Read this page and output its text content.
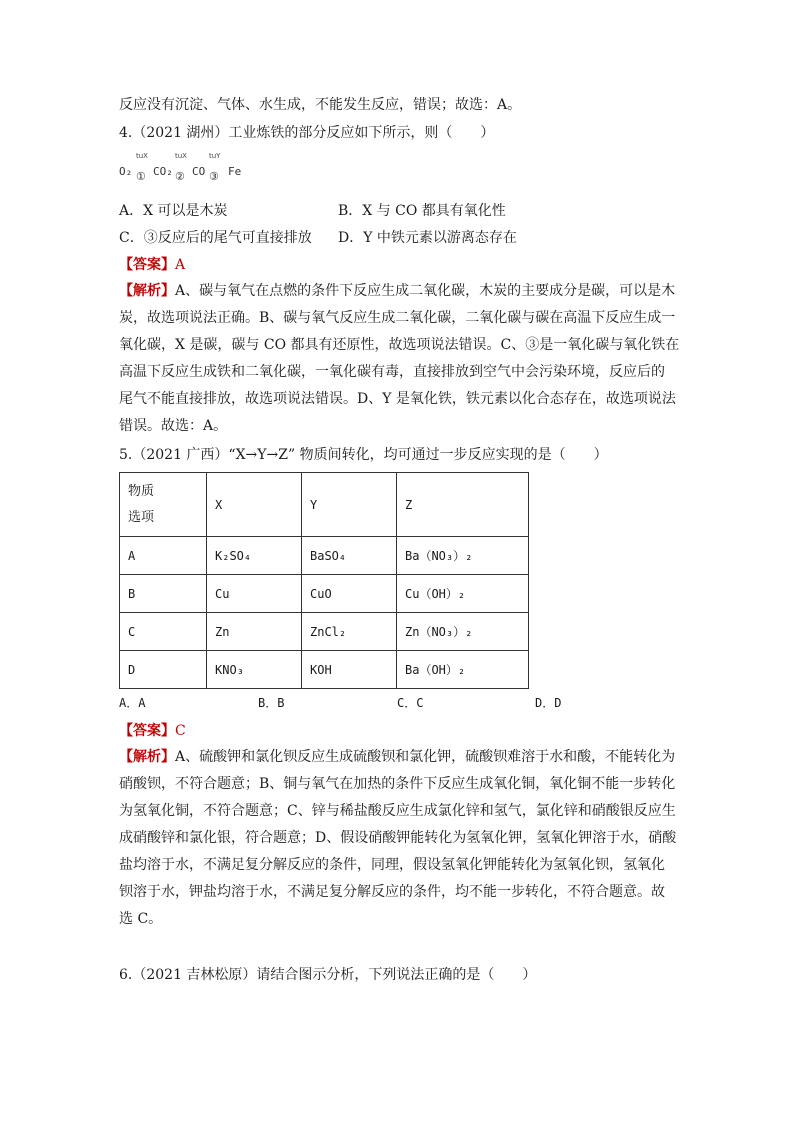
反应没有沉淀、气体、水生成，不能发生反应，错误；故选：A。
4.（2021 湖州）工业炼铁的部分反应如下所示，则（　　）
tuX	tuX	tuY
O₂ ① CO₂ ② CO ③ Fe
A．X 可以是木炭	B．X 与 CO 都具有氧化性
C．③反应后的尾气可直接排放 D．Y 中铁元素以游离态存在
【答案】A
【解析】A、碳与氧气在点燃的条件下反应生成二氧化碳，木炭的主要成分是碳，可以是木
炭，故选项说法正确。B、碳与氧气反应生成二氧化碳，二氧化碳与碳在高温下反应生成一
氧化碳，X 是碳，碳与 CO 都具有还原性，故选项说法错误。C、③是一氧化碳与氧化铁在
高温下反应生成铁和二氧化碳，一氧化碳有毒，直接排放到空气中会污染环境，反应后的
尾气不能直接排放，故选项说法错误。D、Y 是氧化铁，铁元素以化合态存在，故选项说法
错误。故选：A。
5.（2021 广西）“X→Y→Z” 物质间转化，均可通过一步反应实现的是（　　）
物质
选项	X	Y	Z
A	K₂SO₄	BaSO₄	Ba（NO₃）₂
B	Cu	CuO	Cu（OH）₂
C	Zn	ZnCl₂	Zn（NO₃）₂
D	KNO₃	KOH	Ba（OH）₂
A．A	B．B	C．C	D．D
【答案】C
【解析】A、硫酸钾和氯化钡反应生成硫酸钡和氯化钾，硫酸钡难溶于水和酸，不能转化为
硝酸钡，不符合题意；B、铜与氧气在加热的条件下反应生成氧化铜，氧化铜不能一步转化
为氢氧化铜，不符合题意；C、锌与稀盐酸反应生成氯化锌和氢气，氯化锌和硝酸银反应生
成硝酸锌和氯化银，符合题意；D、假设硝酸钾能转化为氢氧化钾，氢氧化钾溶于水，硝酸
盐均溶于水，不满足复分解反应的条件，同理，假设氢氧化钾能转化为氢氧化钡，氢氧化
钡溶于水，钾盐均溶于水，不满足复分解反应的条件，均不能一步转化，不符合题意。故
选 C。
6.（2021 吉林松原）请结合图示分析，下列说法正确的是（　　）
